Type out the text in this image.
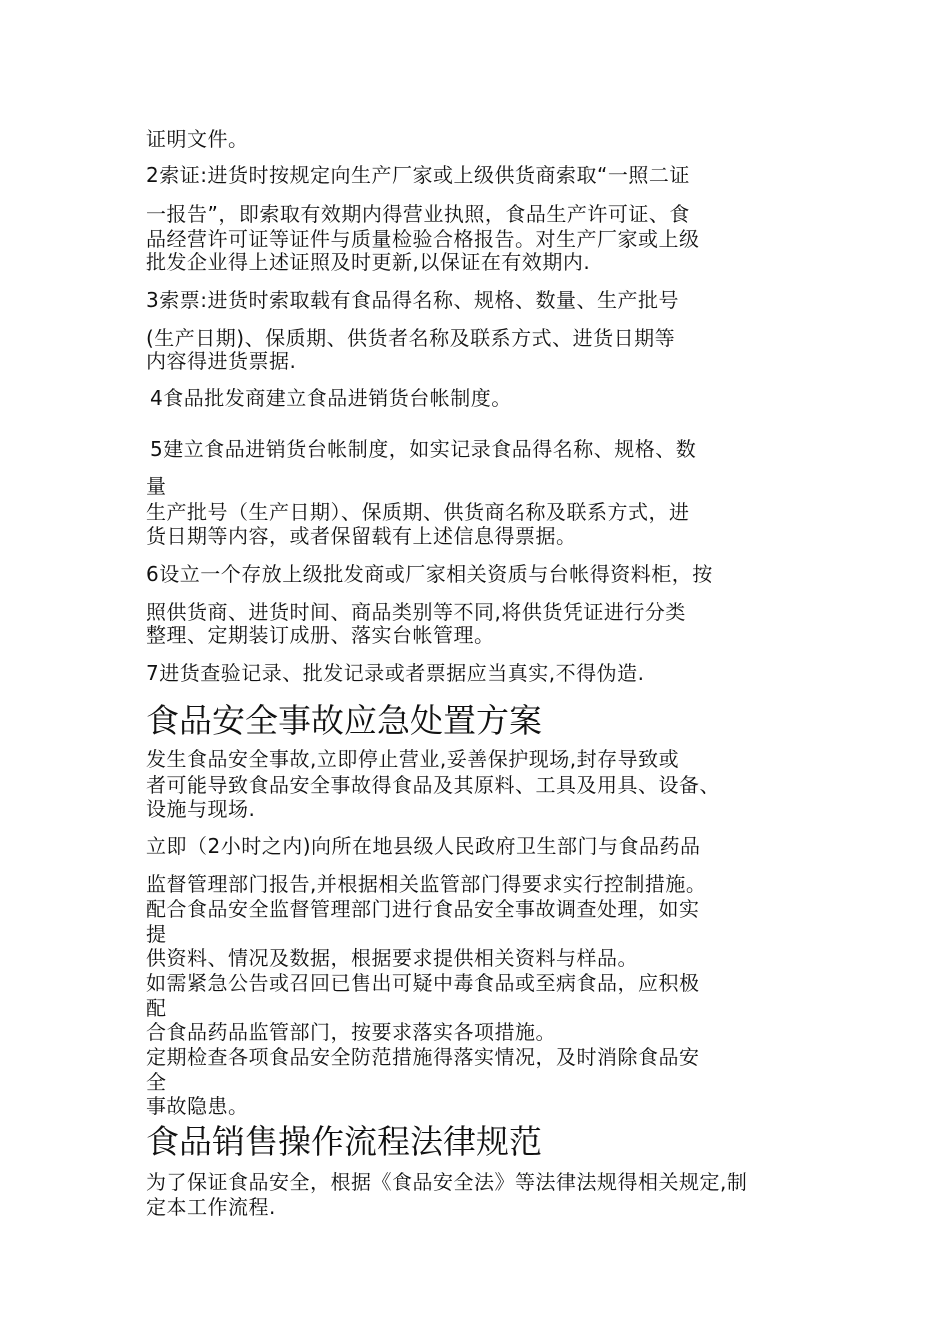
证明文件。
2索证:进货时按规定向生产厂家或上级供货商索取“一照二证
一报告”，即索取有效期内得营业执照，食品生产许可证、食
品经营许可证等证件与质量检验合格报告。对生产厂家或上级
批发企业得上述证照及时更新,以保证在有效期内.
3索票:进货时索取载有食品得名称、规格、数量、生产批号
(生产日期)、保质期、供货者名称及联系方式、进货日期等
内容得进货票据.
4食品批发商建立食品进销货台帐制度。
5建立食品进销货台帐制度，如实记录食品得名称、规格、数
量
生产批号（生产日期）、保质期、供货商名称及联系方式，进
货日期等内容，或者保留载有上述信息得票据。
6设立一个存放上级批发商或厂家相关资质与台帐得资料柜，按
照供货商、进货时间、商品类别等不同,将供货凭证进行分类
整理、定期装订成册、落实台帐管理。
7进货查验记录、批发记录或者票据应当真实,不得伪造.
食品安全事故应急处置方案
发生食品安全事故,立即停止营业,妥善保护现场,封存导致或
者可能导致食品安全事故得食品及其原料、工具及用具、设备、
设施与现场.
立即（2小时之内)向所在地县级人民政府卫生部门与食品药品
监督管理部门报告,并根据相关监管部门得要求实行控制措施。
配合食品安全监督管理部门进行食品安全事故调查处理，如实
提
供资料、情况及数据，根据要求提供相关资料与样品。
如需紧急公告或召回已售出可疑中毒食品或至病食品，应积极
配
合食品药品监管部门，按要求落实各项措施。
定期检查各项食品安全防范措施得落实情况，及时消除食品安
全
事故隐患。
食品销售操作流程法律规范
为了保证食品安全，根据《食品安全法》等法律法规得相关规定,制
定本工作流程.
